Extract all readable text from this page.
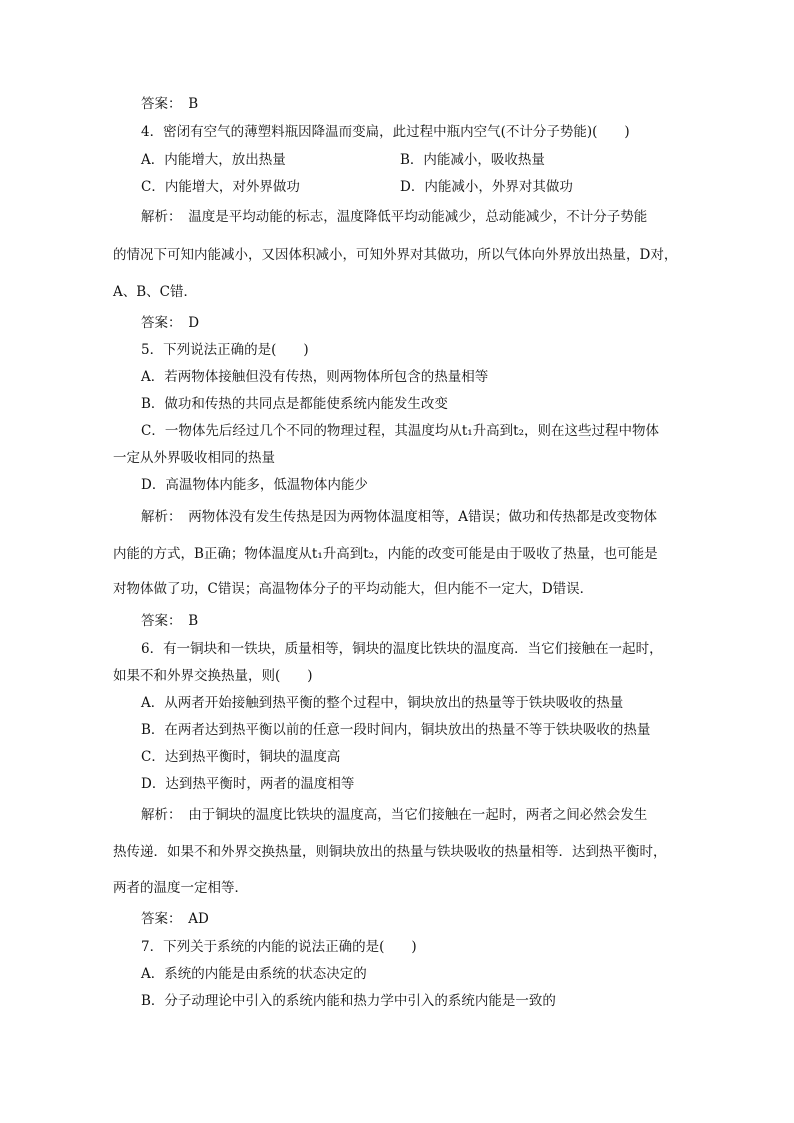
答案：　B
4．密闭有空气的薄塑料瓶因降温而变扁，此过程中瓶内空气(不计分子势能)(　　)
A．内能增大，放出热量	B．内能减小，吸收热量
C．内能增大，对外界做功	D．内能减小，外界对其做功
解析：　温度是平均动能的标志，温度降低平均动能减少，总动能减少，不计分子势能
的情况下可知内能减小，又因体积减小，可知外界对其做功，所以气体向外界放出热量，D对，
A、B、C错．
答案：　D
5．下列说法正确的是(　　)
A．若两物体接触但没有传热，则两物体所包含的热量相等
B．做功和传热的共同点是都能使系统内能发生改变
C．一物体先后经过几个不同的物理过程，其温度均从t₁升高到t₂，则在这些过程中物体
一定从外界吸收相同的热量
D．高温物体内能多，低温物体内能少
解析：　两物体没有发生传热是因为两物体温度相等，A错误；做功和传热都是改变物体
内能的方式，B正确；物体温度从t₁升高到t₂，内能的改变可能是由于吸收了热量，也可能是
对物体做了功，C错误；高温物体分子的平均动能大，但内能不一定大，D错误．
答案：　B
6．有一铜块和一铁块，质量相等，铜块的温度比铁块的温度高．当它们接触在一起时，
如果不和外界交换热量，则(　　)
A．从两者开始接触到热平衡的整个过程中，铜块放出的热量等于铁块吸收的热量
B．在两者达到热平衡以前的任意一段时间内，铜块放出的热量不等于铁块吸收的热量
C．达到热平衡时，铜块的温度高
D．达到热平衡时，两者的温度相等
解析：　由于铜块的温度比铁块的温度高，当它们接触在一起时，两者之间必然会发生
热传递．如果不和外界交换热量，则铜块放出的热量与铁块吸收的热量相等．达到热平衡时，
两者的温度一定相等．
答案：　AD
7．下列关于系统的内能的说法正确的是(　　)
A．系统的内能是由系统的状态决定的
B．分子动理论中引入的系统内能和热力学中引入的系统内能是一致的
